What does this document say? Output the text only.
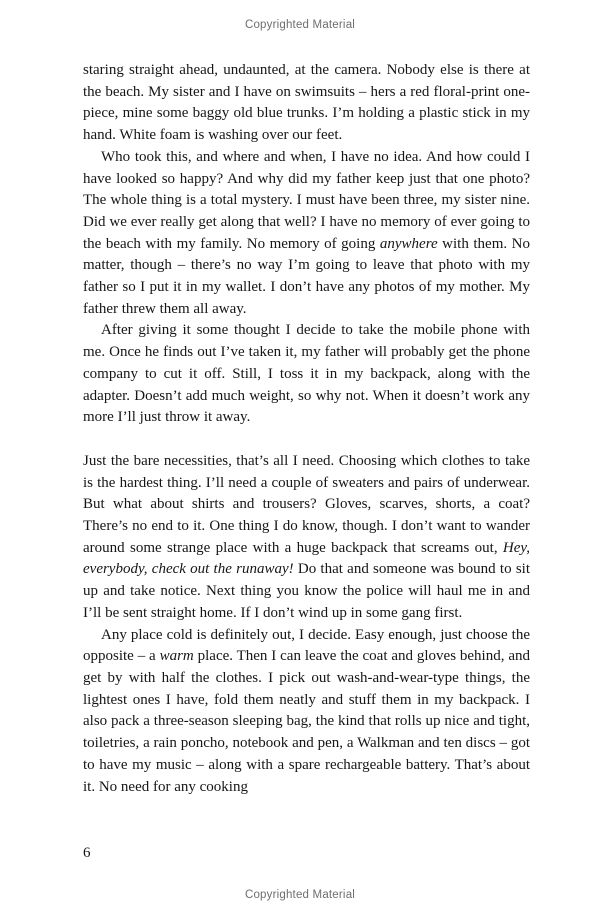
Copyrighted Material

staring straight ahead, undaunted, at the camera. Nobody else is there at the beach. My sister and I have on swimsuits – hers a red floral-print one-piece, mine some baggy old blue trunks. I’m holding a plastic stick in my hand. White foam is washing over our feet.

Who took this, and where and when, I have no idea. And how could I have looked so happy? And why did my father keep just that one photo? The whole thing is a total mystery. I must have been three, my sister nine. Did we ever really get along that well? I have no memory of ever going to the beach with my family. No memory of going anywhere with them. No matter, though – there’s no way I’m going to leave that photo with my father so I put it in my wallet. I don’t have any photos of my mother. My father threw them all away.

After giving it some thought I decide to take the mobile phone with me. Once he finds out I’ve taken it, my father will probably get the phone company to cut it off. Still, I toss it in my backpack, along with the adapter. Doesn’t add much weight, so why not. When it doesn’t work any more I’ll just throw it away.

Just the bare necessities, that’s all I need. Choosing which clothes to take is the hardest thing. I’ll need a couple of sweaters and pairs of underwear. But what about shirts and trousers? Gloves, scarves, shorts, a coat? There’s no end to it. One thing I do know, though. I don’t want to wander around some strange place with a huge backpack that screams out, Hey, everybody, check out the runaway! Do that and someone was bound to sit up and take notice. Next thing you know the police will haul me in and I’ll be sent straight home. If I don’t wind up in some gang first.

Any place cold is definitely out, I decide. Easy enough, just choose the opposite – a warm place. Then I can leave the coat and gloves behind, and get by with half the clothes. I pick out wash-and-wear-type things, the lightest ones I have, fold them neatly and stuff them in my backpack. I also pack a three-season sleeping bag, the kind that rolls up nice and tight, toiletries, a rain poncho, notebook and pen, a Walkman and ten discs – got to have my music – along with a spare rechargeable battery. That’s about it. No need for any cooking

6
Copyrighted Material
